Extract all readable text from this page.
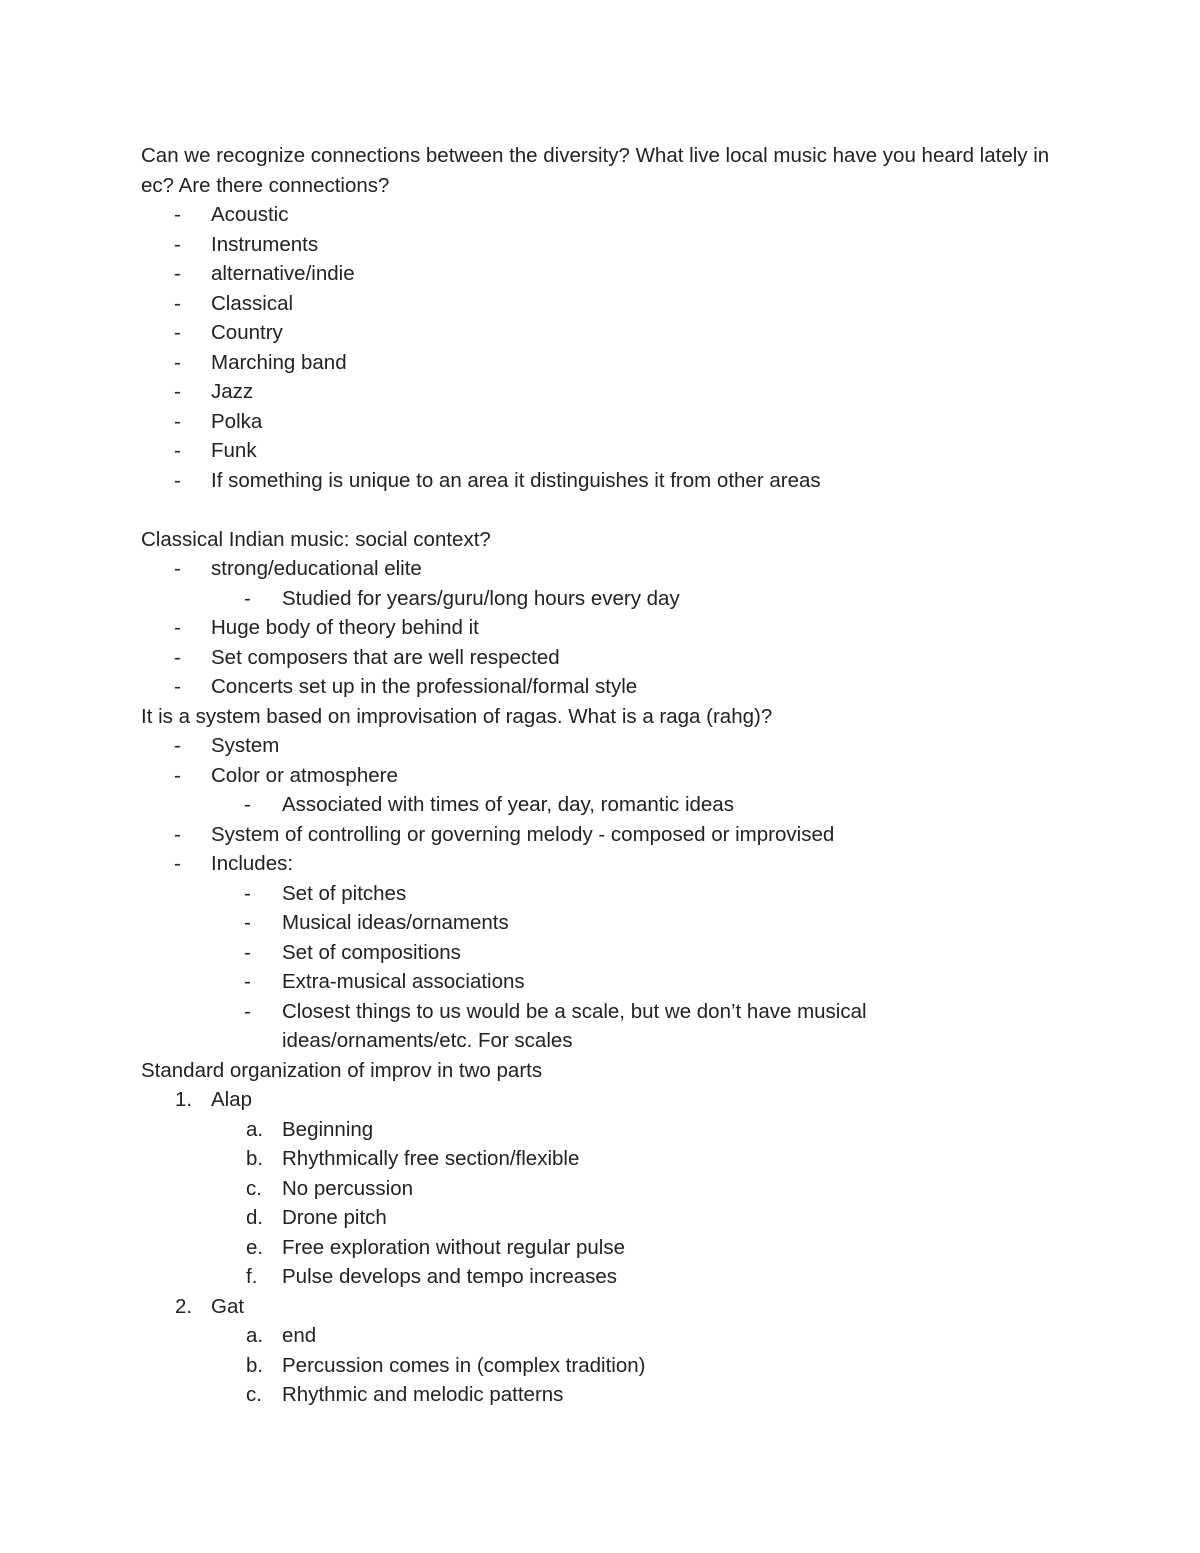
Can we recognize connections between the diversity? What live local music have you heard lately in ec? Are there connections?

- Acoustic
- Instruments
- alternative/indie
- Classical
- Country
- Marching band
- Jazz
- Polka
- Funk
- If something is unique to an area it distinguishes it from other areas

Classical Indian music: social context?

- strong/educational elite
- Studied for years/guru/long hours every day
- Huge body of theory behind it
- Set composers that are well respected
- Concerts set up in the professional/formal style

It is a system based on improvisation of ragas. What is a raga (rahg)?

- System
- Color or atmosphere
- Associated with times of year, day, romantic ideas
- System of controlling or governing melody - composed or improvised
- Includes:
- Set of pitches
- Musical ideas/ornaments
- Set of compositions
- Extra-musical associations
- Closest things to us would be a scale, but we don’t have musical ideas/ornaments/etc. For scales

Standard organization of improv in two parts

1. Alap
a. Beginning
b. Rhythmically free section/flexible
c. No percussion
d. Drone pitch
e. Free exploration without regular pulse
f. Pulse develops and tempo increases
2. Gat
a. end
b. Percussion comes in (complex tradition)
c. Rhythmic and melodic patterns
